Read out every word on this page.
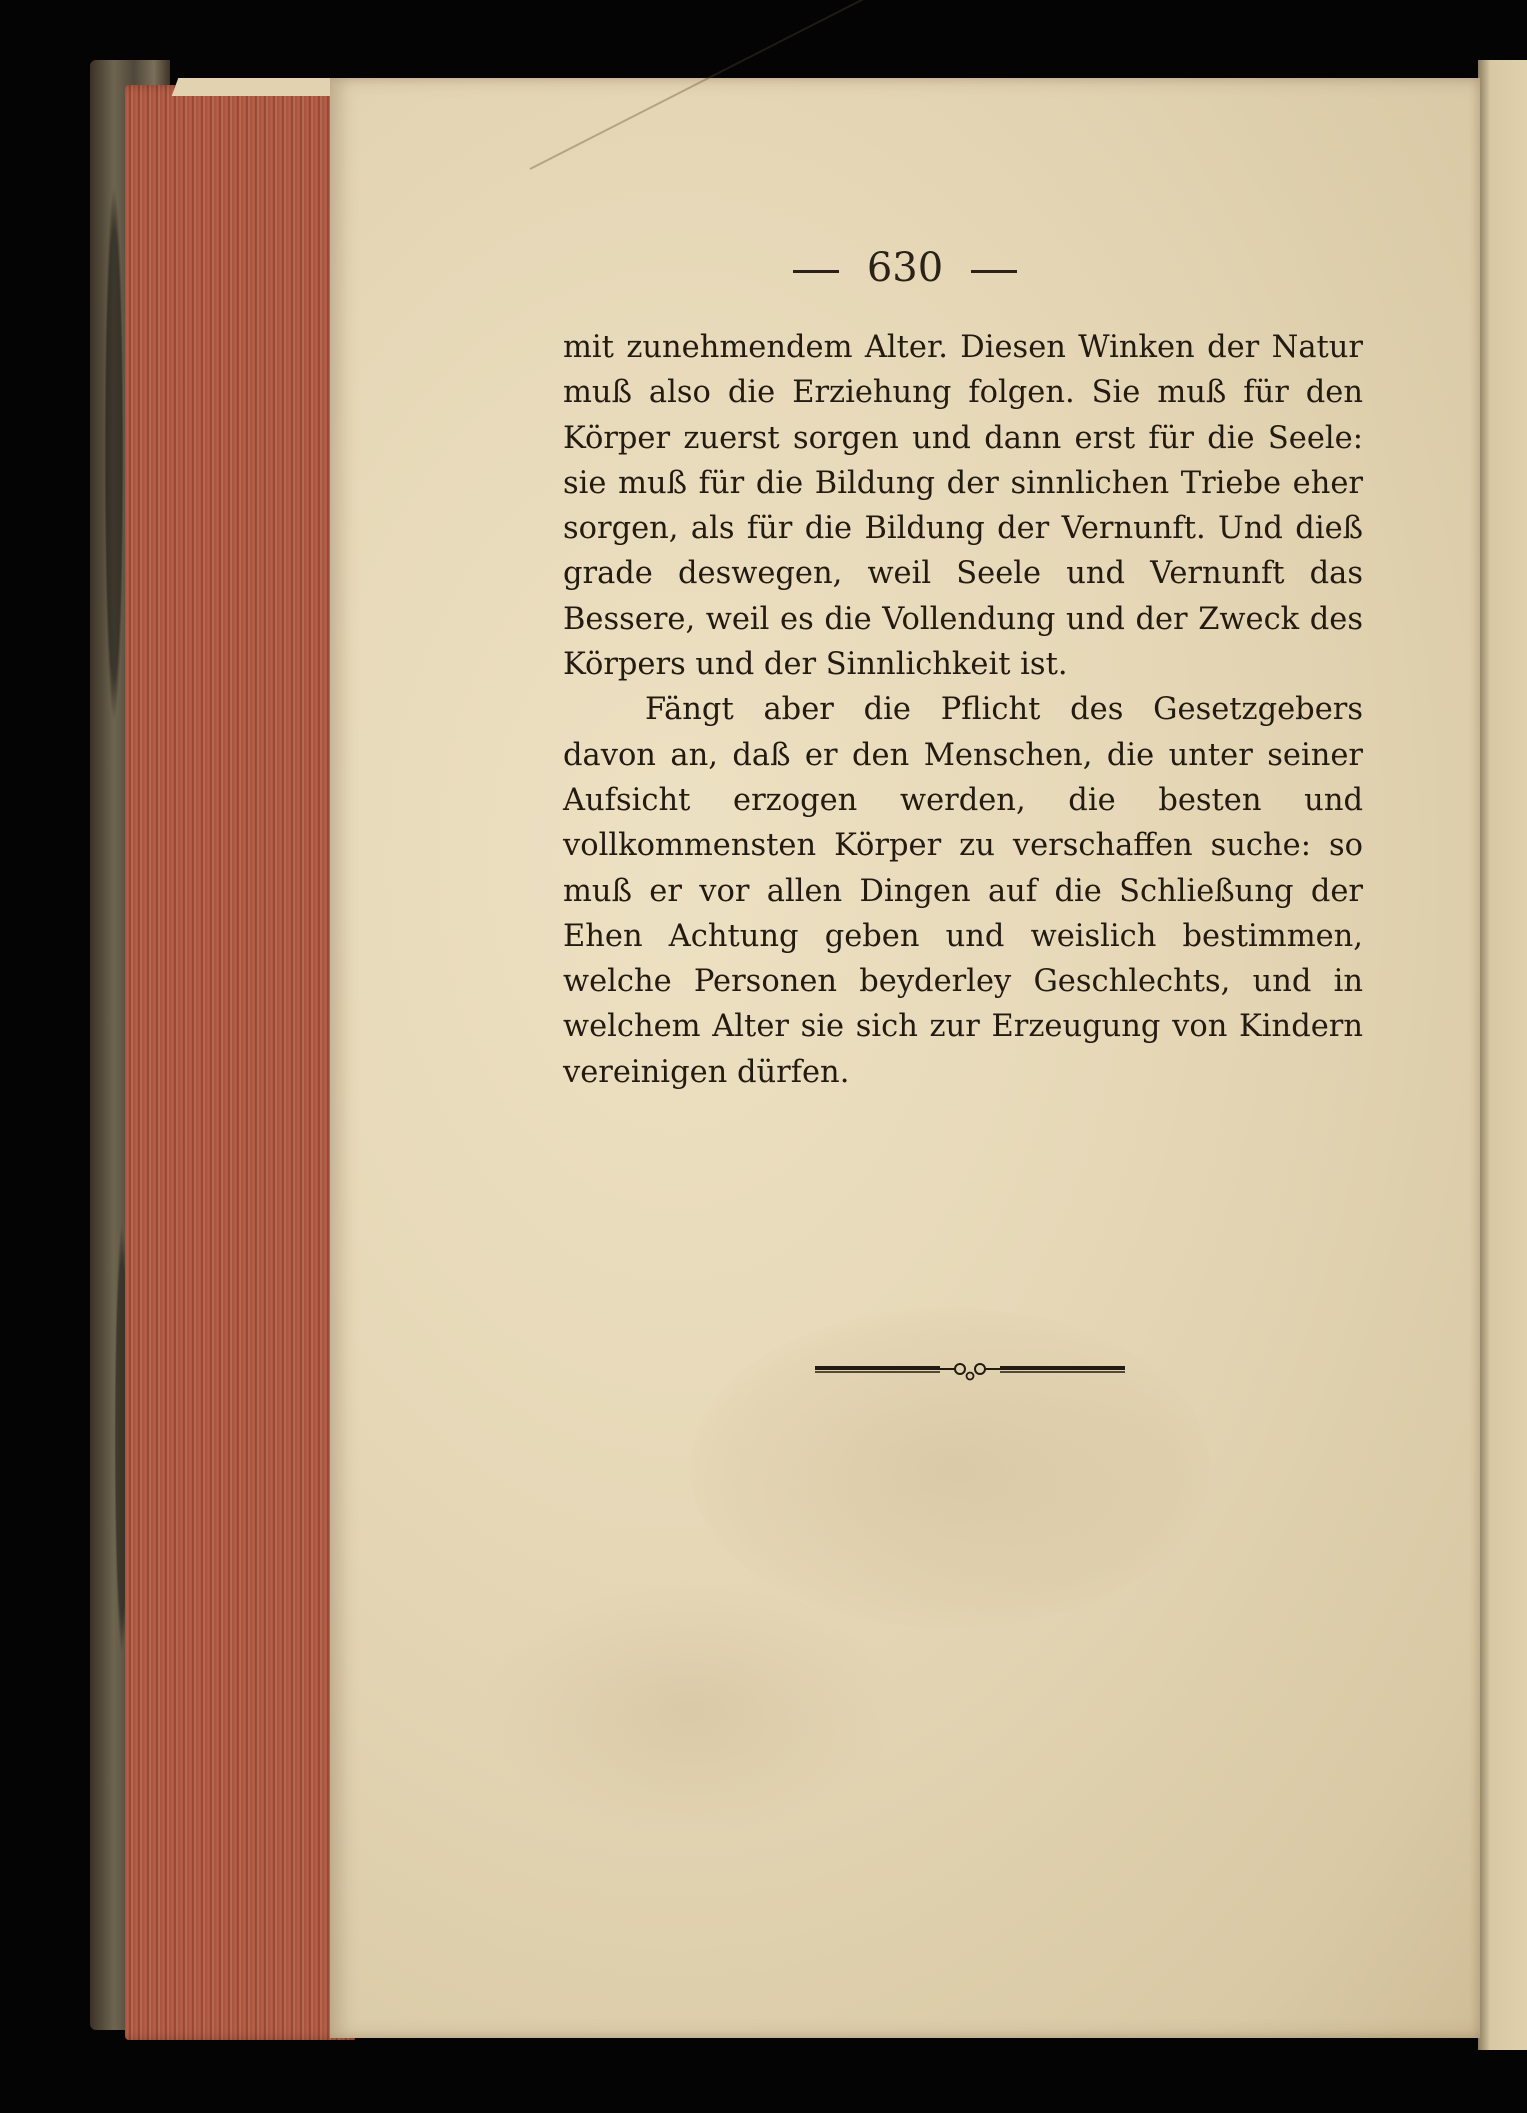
630

mit zunehmendem Alter. Diesen Winken der Natur muß also die Erziehung folgen. Sie muß für den Körper zuerst sorgen und dann erst für die Seele: sie muß für die Bildung der sinnlichen Triebe eher sorgen, als für die Bildung der Vernunft. Und dieß grade deswegen, weil Seele und Vernunft das Bessere, weil es die Vollendung und der Zweck des Körpers und der Sinnlichkeit ist.

Fängt aber die Pflicht des Gesetzgebers davon an, daß er den Menschen, die unter seiner Aufsicht erzogen werden, die besten und vollkommensten Körper zu verschaffen suche: so muß er vor allen Dingen auf die Schließung der Ehen Achtung geben und weislich bestimmen, welche Personen beyderley Geschlechts, und in welchem Alter sie sich zur Erzeugung von Kindern vereinigen dürfen.
